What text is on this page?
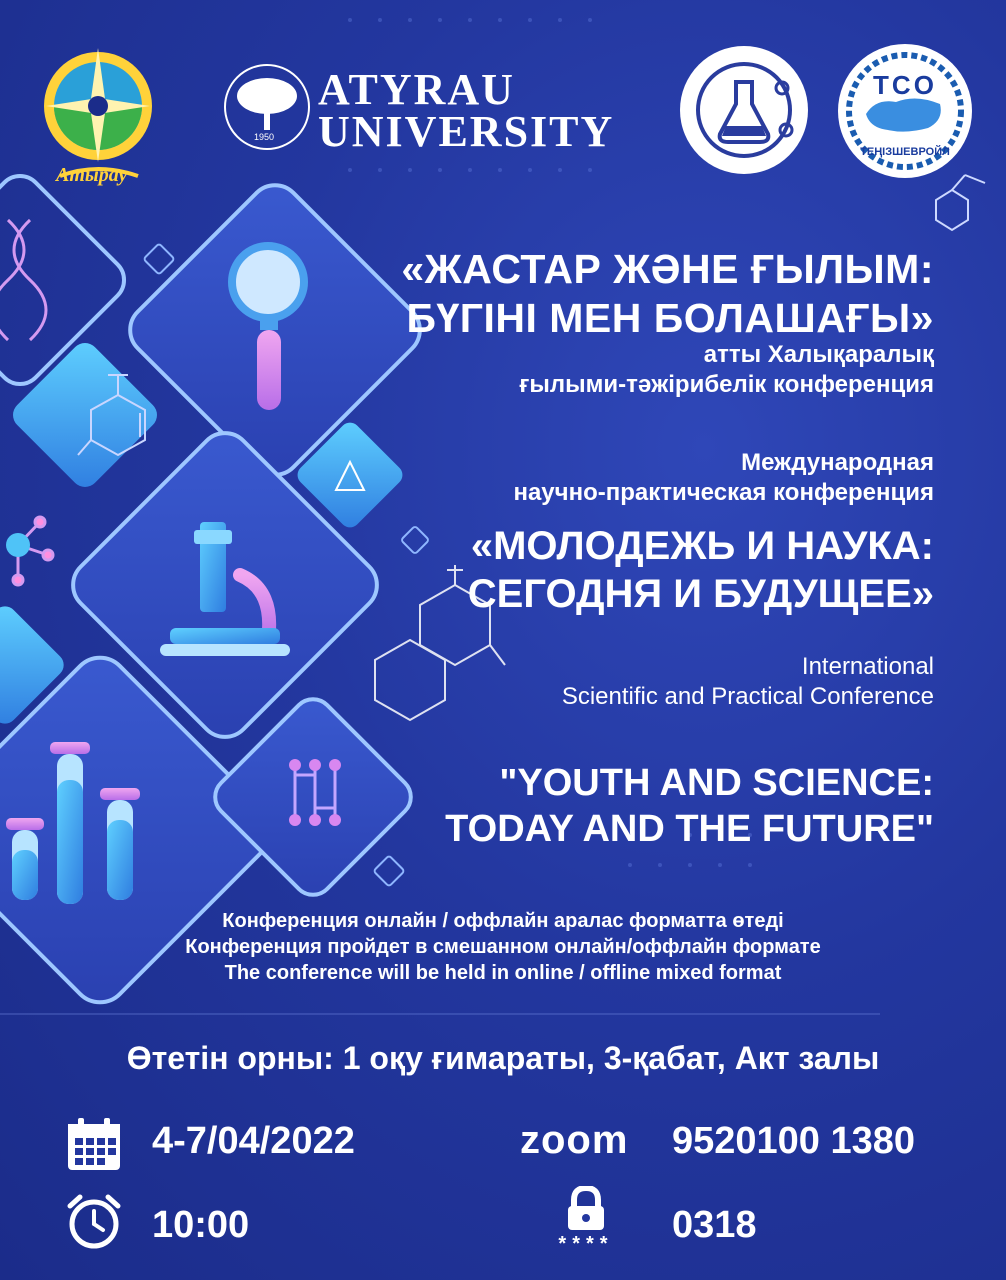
Атырау
1950
ATYRAU
UNIVERSITY
TCO
ТЕҢІЗШЕВРОЙЛ
«ЖАСТАР ЖӘНЕ ҒЫЛЫМ:
БҮГІНІ МЕН БОЛАШАҒЫ»
атты Халықаралық
ғылыми-тәжірибелік конференция
Международная
научно-практическая конференция
«МОЛОДЕЖЬ И НАУКА:
СЕГОДНЯ И БУДУЩЕЕ»
International
Scientific and Practical Conference
"YOUTH AND SCIENCE:
TODAY AND THE FUTURE"
Конференция онлайн / оффлайн аралас форматта өтеді
Конференция пройдет в смешанном онлайн/оффлайн формате
The conference will be held in online / offline mixed format
Өтетін орны: 1 оқу ғимараты, 3-қабат, Акт залы
4-7/04/2022
10:00
zoom	9520100 1380
**** 0318
